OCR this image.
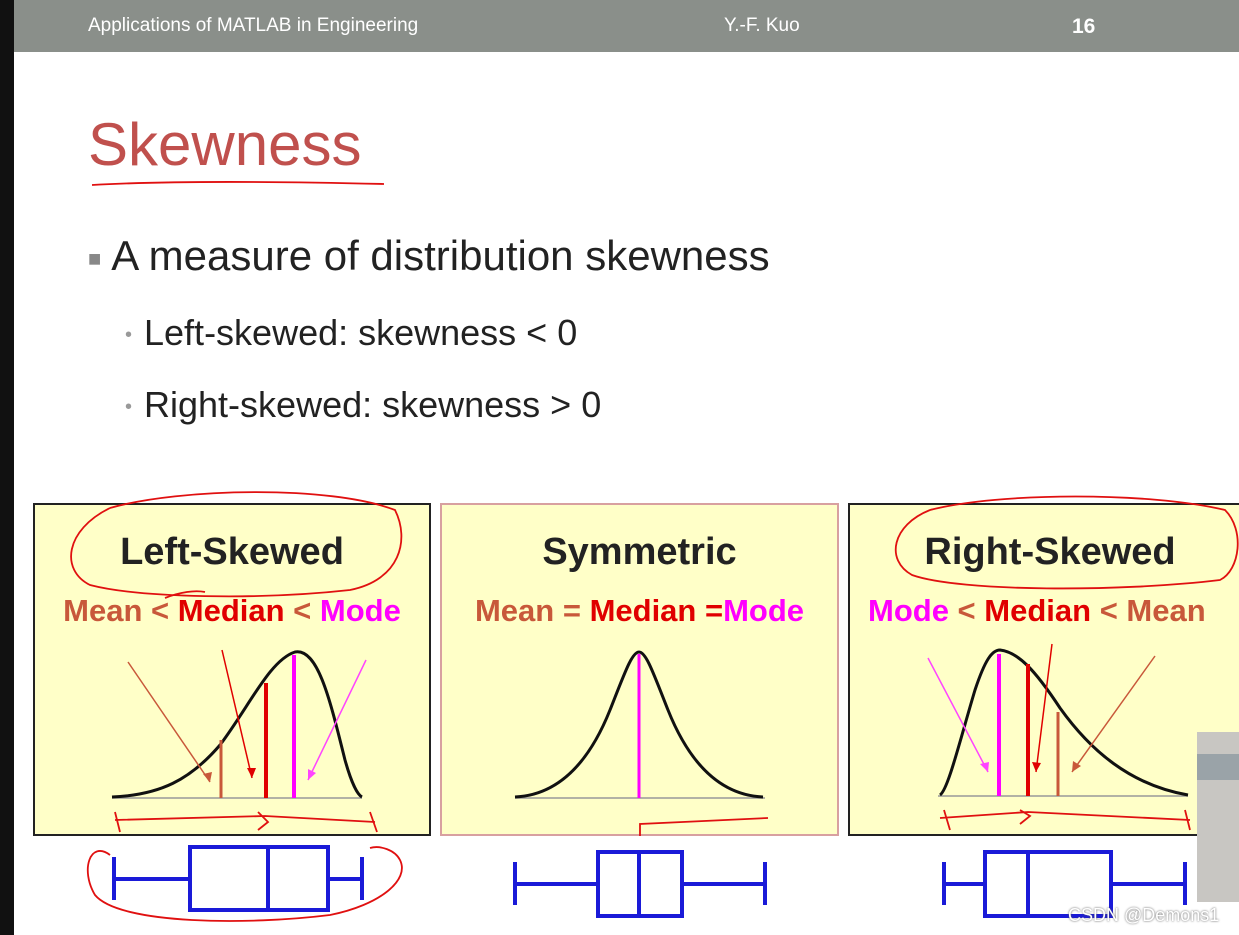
Applications of MATLAB in Engineering	Y.-F. Kuo	16
Skewness
■ A measure of distribution skewness
• Left-skewed: skewness < 0
• Right-skewed: skewness > 0
Left-Skewed
Mean < Median < Mode
Symmetric
Mean = Median =Mode
Right-Skewed
Mode < Median < Mean
CSDN @Demons1
